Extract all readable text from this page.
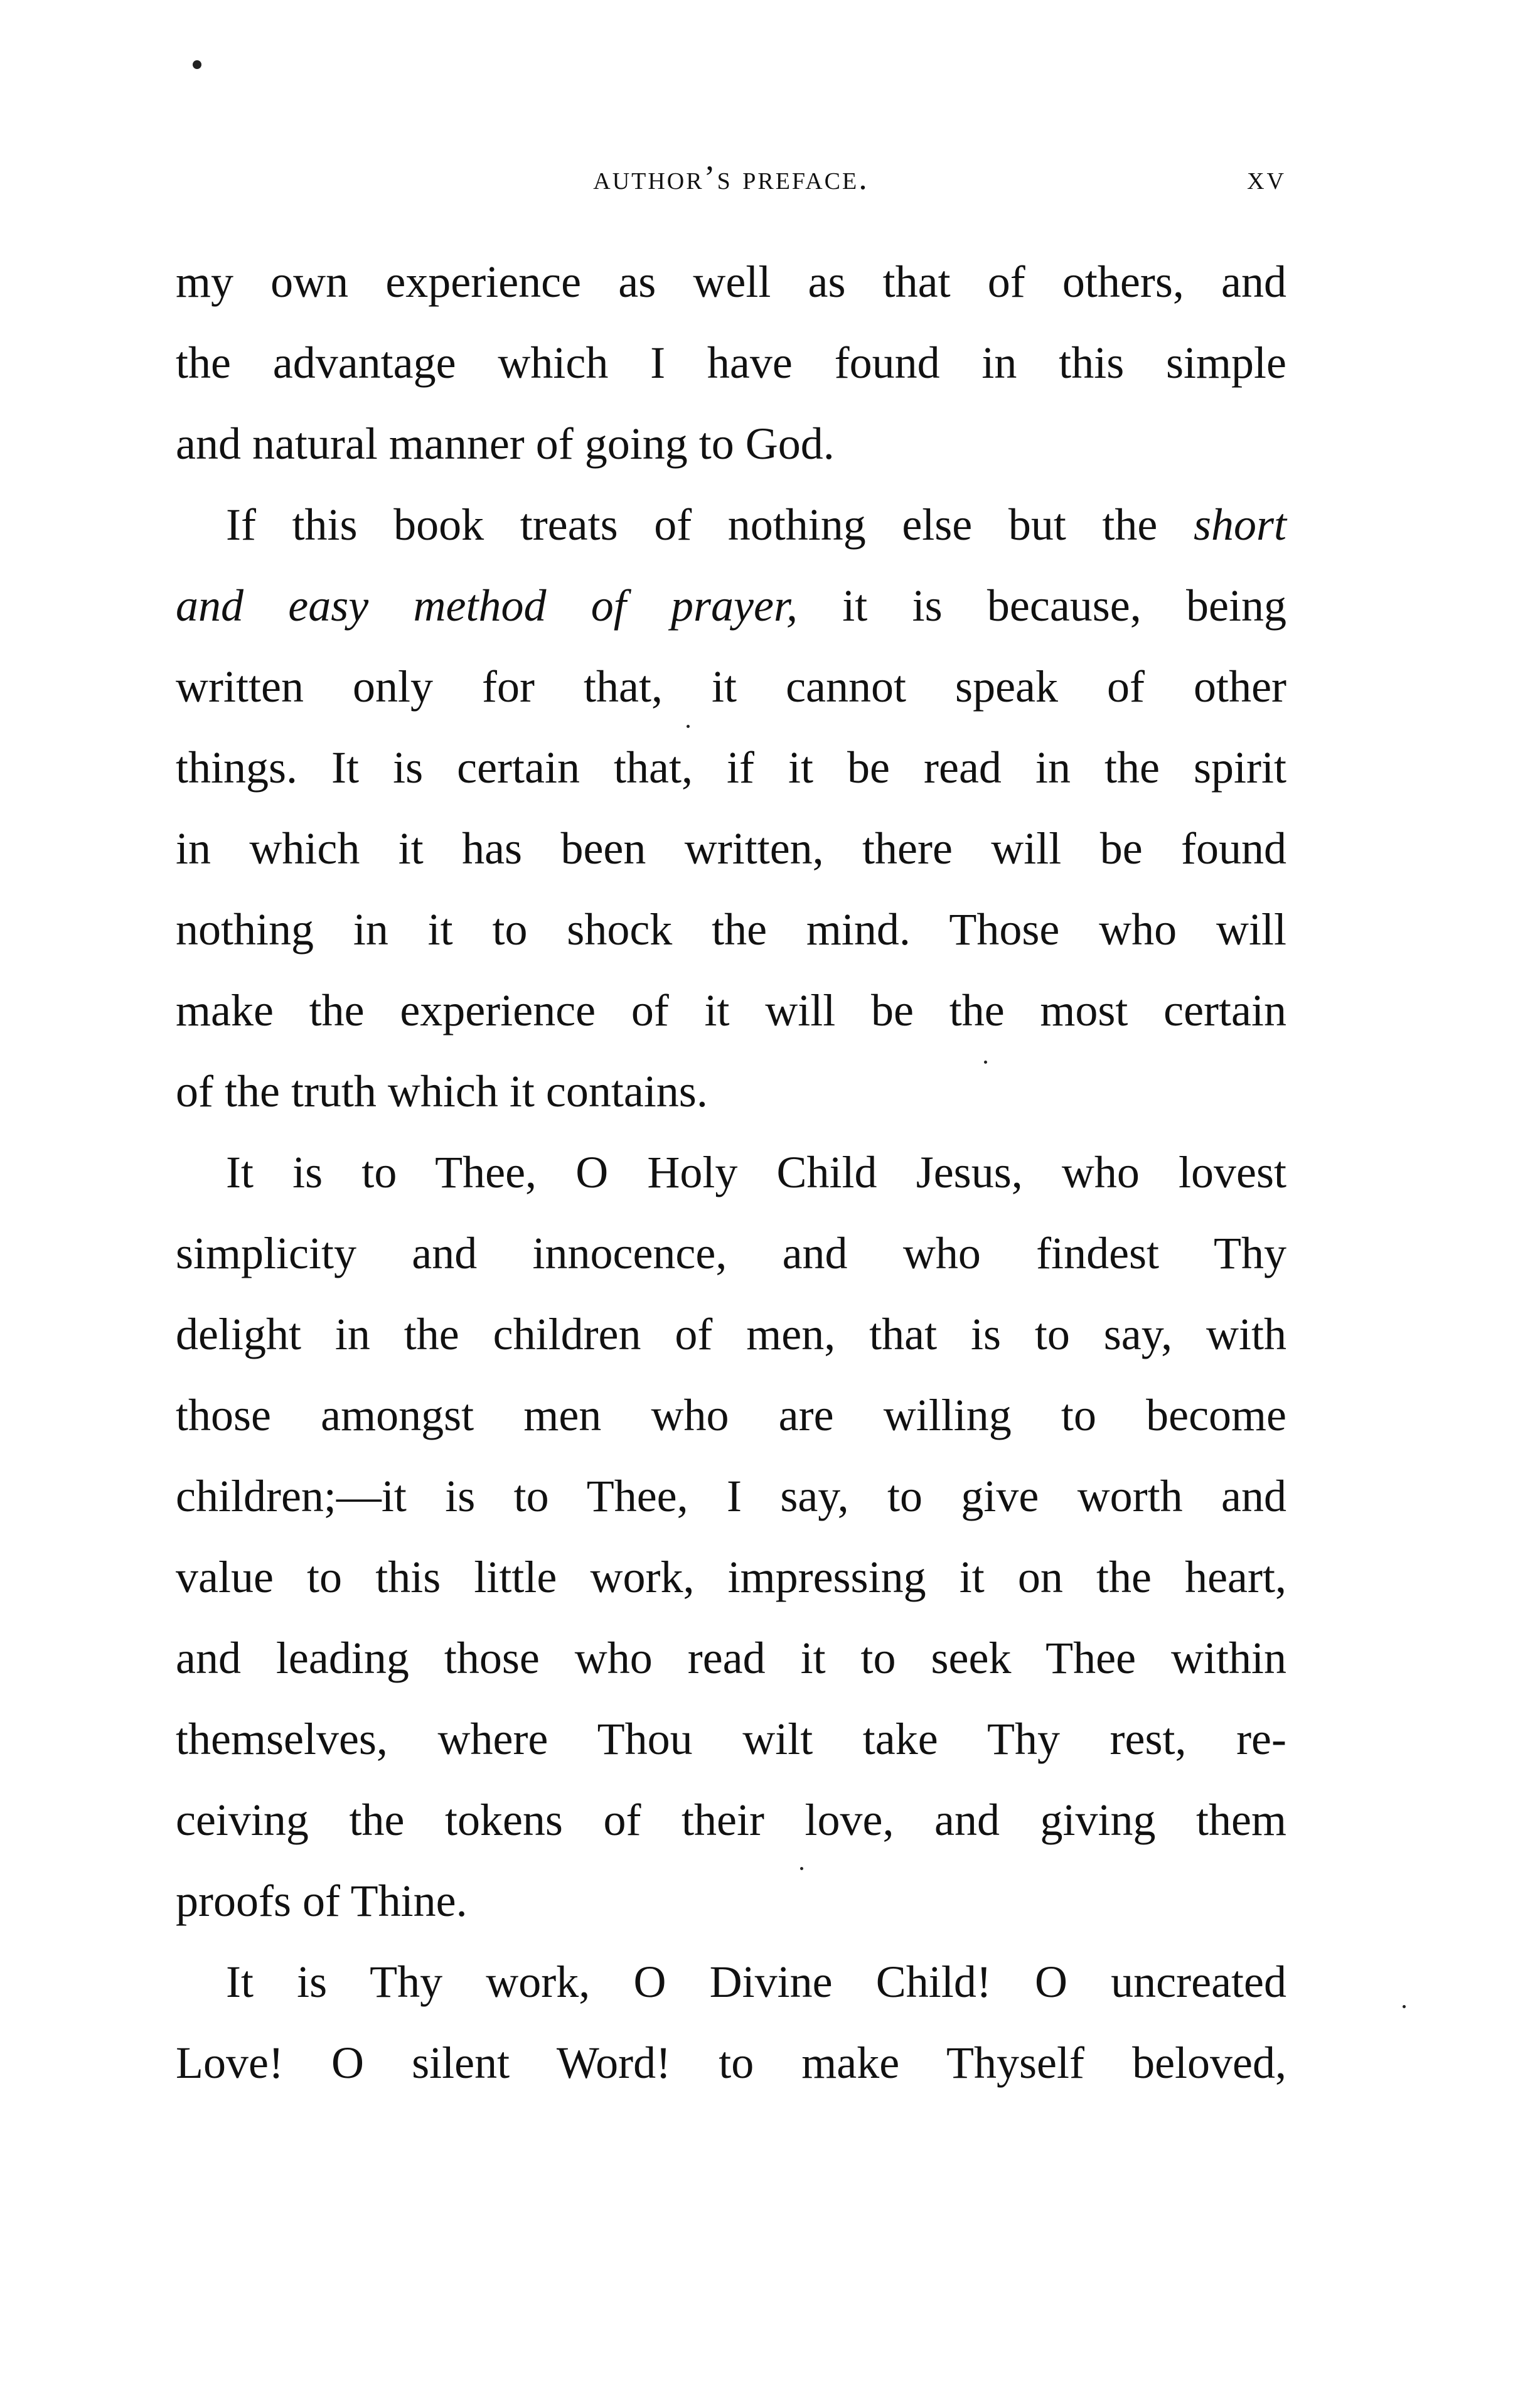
author’s preface.	xv
my own experience as well as that of others, and
the advantage which I have found in this simple
and natural manner of going to God.
If this book treats of nothing else but the short
and easy method of prayer, it is because, being
written only for that, it cannot speak of other
things. It is certain that, if it be read in the spirit
in which it has been written, there will be found
nothing in it to shock the mind. Those who will
make the experience of it will be the most certain
of the truth which it contains.
It is to Thee, O Holy Child Jesus, who lovest
simplicity and innocence, and who findest Thy
delight in the children of men, that is to say, with
those amongst men who are willing to become
children;—it is to Thee, I say, to give worth and
value to this little work, impressing it on the heart,
and leading those who read it to seek Thee within
themselves, where Thou wilt take Thy rest, re-
ceiving the tokens of their love, and giving them
proofs of Thine.
It is Thy work, O Divine Child! O uncreated
Love! O silent Word! to make Thyself beloved,
